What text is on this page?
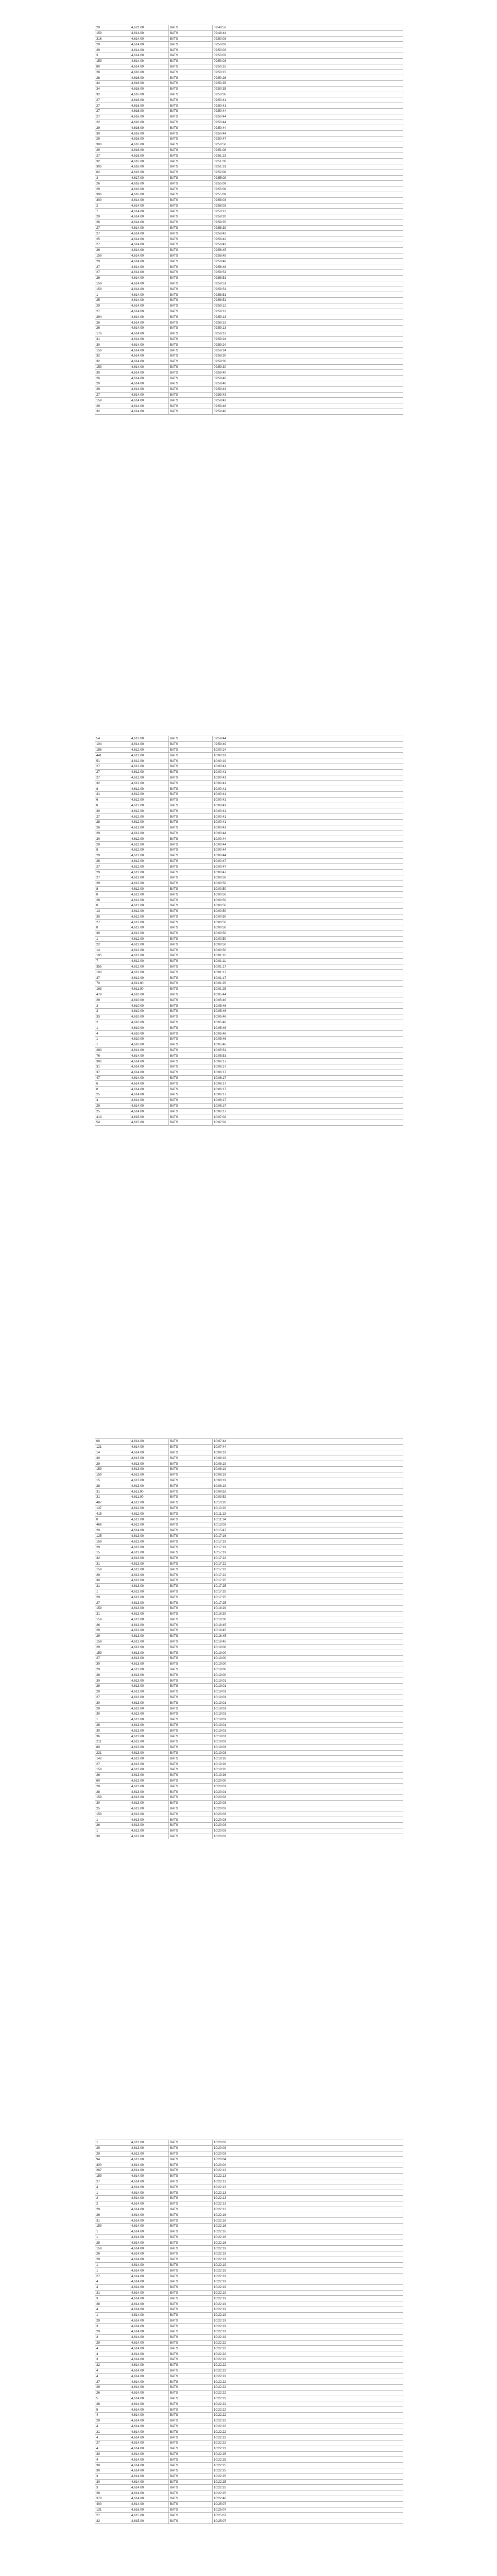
29	4,621.00	BATS	09:48:52
159	4,614.00	BATS	09:48:44
316	4,614.00	BATS	09:50:03
29	4,614.00	BATS	09:50:03
29	4,614.00	BATS	09:50:03
3	4,614.00	BATS	09:50:03
159	4,614.00	BATS	09:50:03
80	4,614.00	BATS	09:50:15
28	4,616.00	BATS	09:50:15
28	4,616.00	BATS	09:50:26
34	4,616.00	BATS	09:50:35
34	4,616.00	BATS	09:50:35
32	4,616.00	BATS	09:50:36
27	4,616.00	BATS	09:50:41
27	4,616.00	BATS	09:50:41
27	4,616.00	BATS	09:50:44
27	4,616.00	BATS	09:50:44
22	4,616.00	BATS	09:50:44
29	4,616.00	BATS	09:50:44
30	4,616.00	BATS	09:50:44
29	4,616.00	BATS	09:50:47
300	4,616.00	BATS	09:50:50
29	4,616.00	BATS	09:51:08
27	4,616.00	BATS	09:51:23
32	4,616.00	BATS	09:51:30
305	4,616.00	BATS	09:51:31
62	4,616.00	BATS	09:52:08
3	4,617.00	BATS	09:55:09
26	4,616.00	BATS	09:55:09
29	4,616.00	BATS	09:55:09
306	4,616.00	BATS	09:55:09
300	4,614.00	BATS	09:58:03
2	4,614.00	BATS	09:58:03
7	4,614.00	BATS	09:58:12
29	4,614.00	BATS	09:58:20
26	4,614.00	BATS	09:58:35
27	4,614.00	BATS	09:58:39
27	4,614.00	BATS	09:58:42
25	4,614.00	BATS	09:58:42
27	4,614.00	BATS	09:58:43
26	4,614.00	BATS	09:58:45
159	4,614.00	BATS	09:58:45
29	4,614.00	BATS	09:58:48
27	4,614.00	BATS	09:58:48
27	4,614.00	BATS	09:58:51
26	4,614.00	BATS	09:58:51
159	4,614.00	BATS	09:58:51
159	4,614.00	BATS	09:58:51
1	4,614.00	BATS	09:58:51
25	4,614.00	BATS	09:58:51
29	4,614.00	BATS	09:59:12
27	4,614.00	BATS	09:59:12
294	4,614.00	BATS	09:59:13
26	4,614.00	BATS	09:59:13
26	4,614.00	BATS	09:59:13
176	4,614.00	BATS	09:59:13
31	4,614.00	BATS	09:59:24
30	4,614.00	BATS	09:59:24
159	4,614.00	BATS	09:59:24
32	4,614.00	BATS	09:59:30
32	4,614.00	BATS	09:59:30
159	4,614.00	BATS	09:59:30
30	4,614.00	BATS	09:59:40
26	4,614.00	BATS	09:59:40
20	4,614.00	BATS	09:59:40
29	4,614.00	BATS	09:59:43
27	4,614.00	BATS	09:59:43
159	4,614.00	BATS	09:59:43
29	4,614.00	BATS	09:59:46
32	4,614.00	BATS	09:59:46
54	4,613.00	BATS	09:59:44
104	4,614.00	BATS	09:59:49
158	4,612.00	BATS	10:00:14
441	4,612.00	BATS	10:00:19
51	4,612.00	BATS	10:00:19
27	4,612.00	BATS	10:00:41
27	4,612.00	BATS	10:00:41
27	4,612.00	BATS	10:00:41
32	4,612.00	BATS	10:00:41
8	4,612.00	BATS	10:00:41
31	4,612.00	BATS	10:00:41
6	4,612.00	BATS	10:00:41
8	4,612.00	BATS	10:00:41
30	4,612.00	BATS	10:00:41
27	4,612.00	BATS	10:00:41
28	4,612.00	BATS	10:00:41
26	4,612.00	BATS	10:00:41
29	4,612.00	BATS	10:00:44
30	4,612.00	BATS	10:00:44
29	4,612.00	BATS	10:00:44
8	4,612.00	BATS	10:00:44
29	4,612.00	BATS	10:00:44
28	4,612.00	BATS	10:00:47
27	4,612.00	BATS	10:00:47
29	4,612.00	BATS	10:00:47
27	4,612.00	BATS	10:00:50
29	4,612.00	BATS	10:00:50
8	4,612.00	BATS	10:00:50
8	4,612.00	BATS	10:00:50
28	4,612.00	BATS	10:00:50
8	4,612.00	BATS	10:00:50
13	4,612.00	BATS	10:00:50
30	4,612.00	BATS	10:00:50
27	4,612.00	BATS	10:00:50
8	4,612.00	BATS	10:00:50
30	4,612.00	BATS	10:00:50
1	4,612.00	BATS	10:00:50
22	4,612.00	BATS	10:00:50
14	4,612.00	BATS	10:00:50
195	4,612.00	BATS	10:01:11
7	4,612.00	BATS	10:01:11
355	4,612.00	BATS	10:01:17
100	4,612.00	BATS	10:01:17
37	4,612.00	BATS	10:01:17
70	4,611.00	BATS	10:01:25
163	4,611.00	BATS	10:01:25
478	4,610.00	BATS	10:05:44
29	4,610.00	BATS	10:05:46
3	4,610.00	BATS	10:05:46
3	4,610.00	BATS	10:05:46
33	4,610.00	BATS	10:05:46
2	4,610.00	BATS	10:05:46
1	4,610.00	BATS	10:05:46
4	4,610.00	BATS	10:05:46
1	4,610.00	BATS	10:05:46
1	4,610.00	BATS	10:05:46
283	4,614.00	BATS	10:05:51
76	4,614.00	BATS	10:05:51
302	4,614.00	BATS	10:06:17
31	4,614.00	BATS	10:06:17
37	4,614.00	BATS	10:06:17
47	4,614.00	BATS	10:06:17
6	4,614.00	BATS	10:06:17
8	4,614.00	BATS	10:06:17
25	4,614.00	BATS	10:06:17
4	4,614.00	BATS	10:06:17
29	4,614.00	BATS	10:06:17
25	4,614.00	BATS	10:06:17
413	4,615.00	BATS	10:07:02
54	4,615.00	BATS	10:07:02
60	4,614.00	BATS	10:07:44
121	4,614.00	BATS	10:07:44
14	4,614.00	BATS	10:08:19
30	4,613.00	BATS	10:08:19
29	4,613.00	BATS	10:08:19
159	4,613.00	BATS	10:08:19
159	4,613.00	BATS	10:08:19
15	4,613.00	BATS	10:08:19
28	4,613.00	BATS	10:08:19
31	4,611.00	BATS	10:09:52
31	4,611.00	BATS	10:09:52
487	4,612.00	BATS	10:10:20
137	4,612.00	BATS	10:10:20
415	4,612.00	BATS	10:11:13
8	4,612.00	BATS	10:11:14
466	4,612.00	BATS	10:13:03
20	4,614.00	BATS	10:15:47
125	4,613.00	BATS	10:17:16
159	4,613.00	BATS	10:17:19
29	4,613.00	BATS	10:17:19
15	4,613.00	BATS	10:17:19
32	4,613.00	BATS	10:17:22
31	4,613.00	BATS	10:17:22
159	4,613.00	BATS	10:17:22
29	4,613.00	BATS	10:17:22
30	4,613.00	BATS	10:17:25
31	4,613.00	BATS	10:17:25
1	4,613.00	BATS	10:17:25
29	4,613.00	BATS	10:17:25
27	4,613.00	BATS	10:17:25
159	4,613.00	BATS	10:18:29
31	4,613.00	BATS	10:18:30
159	4,613.00	BATS	10:18:30
26	4,613.00	BATS	10:18:45
29	4,613.00	BATS	10:18:45
29	4,613.00	BATS	10:18:45
159	4,613.00	BATS	10:18:45
29	4,613.00	BATS	10:19:00
159	4,613.00	BATS	10:19:00
27	4,613.00	BATS	10:19:00
30	4,613.00	BATS	10:19:00
29	4,613.00	BATS	10:19:00
28	4,613.00	BATS	10:19:00
30	4,613.00	BATS	10:19:01
29	4,613.00	BATS	10:19:01
29	4,613.00	BATS	10:19:01
27	4,613.00	BATS	10:19:01
30	4,613.00	BATS	10:19:01
29	4,613.00	BATS	10:19:01
30	4,613.00	BATS	10:19:01
1	4,613.00	BATS	10:19:01
28	4,613.00	BATS	10:19:01
30	4,613.00	BATS	10:19:01
36	4,613.00	BATS	10:19:01
211	4,613.00	BATS	10:19:03
80	4,613.00	BATS	10:19:03
221	4,613.00	BATS	10:19:03
142	4,613.00	BATS	10:19:26
27	4,613.00	BATS	10:19:26
159	4,613.00	BATS	10:19:26
26	4,613.00	BATS	10:19:26
60	4,613.00	BATS	10:20:00
28	4,613.00	BATS	10:20:01
28	4,613.00	BATS	10:20:01
159	4,613.00	BATS	10:20:03
30	4,613.00	BATS	10:20:03
25	4,613.00	BATS	10:20:03
159	4,613.00	BATS	10:20:03
1	4,613.00	BATS	10:20:03
26	4,613.00	BATS	10:20:03
1	4,613.00	BATS	10:20:03
30	4,613.00	BATS	10:20:03
1	4,613.00	BATS	10:20:03
29	4,613.00	BATS	10:20:03
29	4,613.00	BATS	10:20:03
94	4,613.00	BATS	10:20:04
300	4,614.00	BATS	10:20:04
267	4,614.00	BATS	10:22:13
159	4,614.00	BATS	10:22:13
27	4,614.00	BATS	10:22:13
4	4,614.00	BATS	10:22:13
1	4,614.00	BATS	10:22:13
2	4,614.00	BATS	10:22:13
2	4,614.00	BATS	10:22:13
29	4,614.00	BATS	10:22:13
26	4,614.00	BATS	10:22:16
31	4,614.00	BATS	10:22:16
159	4,614.00	BATS	10:22:16
1	4,614.00	BATS	10:22:16
1	4,614.00	BATS	10:22:16
28	4,614.00	BATS	10:22:16
159	4,614.00	BATS	10:22:19
26	4,614.00	BATS	10:22:19
29	4,614.00	BATS	10:22:19
1	4,614.00	BATS	10:22:19
1	4,614.00	BATS	10:22:19
27	4,614.00	BATS	10:22:19
4	4,614.00	BATS	10:22:19
4	4,614.00	BATS	10:22:19
31	4,614.00	BATS	10:22:19
3	4,614.00	BATS	10:22:19
28	4,614.00	BATS	10:22:19
4	4,614.00	BATS	10:22:19
1	4,614.00	BATS	10:22:19
29	4,614.00	BATS	10:22:19
3	4,614.00	BATS	10:22:19
29	4,614.00	BATS	10:22:19
4	4,614.00	BATS	10:22:19
29	4,614.00	BATS	10:22:22
4	4,614.00	BATS	10:22:22
4	4,614.00	BATS	10:22:22
3	4,614.00	BATS	10:22:22
32	4,614.00	BATS	10:22:22
4	4,614.00	BATS	10:22:22
4	4,614.00	BATS	10:22:22
37	4,614.00	BATS	10:22:22
29	4,614.00	BATS	10:22:22
26	4,614.00	BATS	10:22:22
5	4,614.00	BATS	10:22:22
28	4,614.00	BATS	10:22:22
5	4,614.00	BATS	10:22:22
4	4,614.00	BATS	10:22:22
29	4,614.00	BATS	10:22:22
4	4,614.00	BATS	10:22:22
31	4,614.00	BATS	10:22:22
4	4,614.00	BATS	10:22:22
27	4,614.00	BATS	10:22:22
4	4,614.00	BATS	10:22:22
30	4,614.00	BATS	10:22:25
4	4,614.00	BATS	10:22:25
30	4,614.00	BATS	10:22:25
30	4,614.00	BATS	10:22:25
3	4,614.00	BATS	10:22:25
30	4,614.00	BATS	10:22:25
3	4,614.00	BATS	10:22:25
28	4,614.00	BATS	10:22:25
378	4,614.00	BATS	10:22:40
400	4,614.00	BATS	10:25:07
131	4,616.00	BATS	10:25:07
27	4,615.00	BATS	10:25:07
32	4,615.00	BATS	10:25:07
